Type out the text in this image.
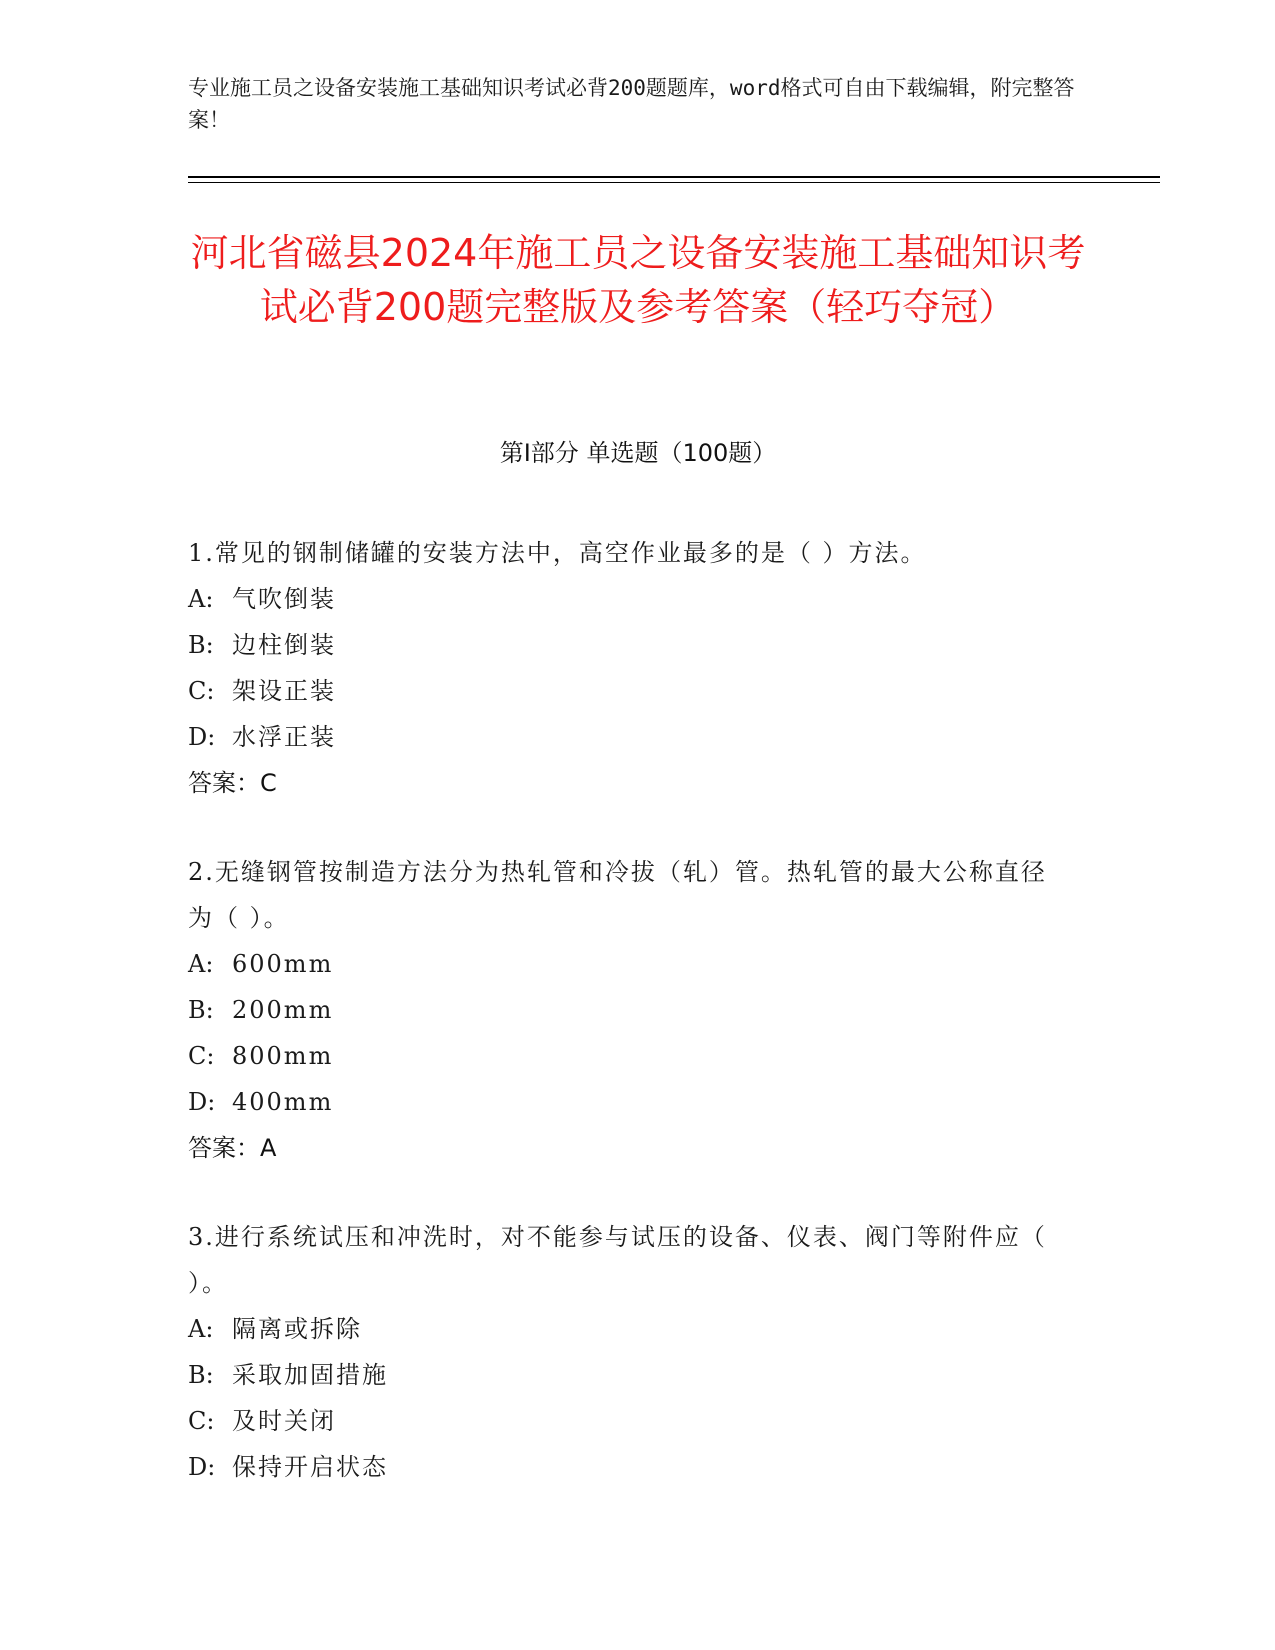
专业施工员之设备安装施工基础知识考试必背200题题库，word格式可自由下载编辑，附完整答案！

河北省磁县2024年施工员之设备安装施工基础知识考试必背200题完整版及参考答案（轻巧夺冠）
第I部分 单选题（100题）

1.常见的钢制储罐的安装方法中，高空作业最多的是（ ）方法。

A: 气吹倒装

B: 边柱倒装

C: 架设正装

D: 水浮正装

答案：C

2.无缝钢管按制造方法分为热轧管和冷拔（轧）管。热轧管的最大公称直径为（ ）。

A: 600mm

B: 200mm

C: 800mm

D: 400mm

答案：A

3.进行系统试压和冲洗时，对不能参与试压的设备、仪表、阀门等附件应（ ）。

A: 隔离或拆除

B: 采取加固措施

C: 及时关闭

D: 保持开启状态
